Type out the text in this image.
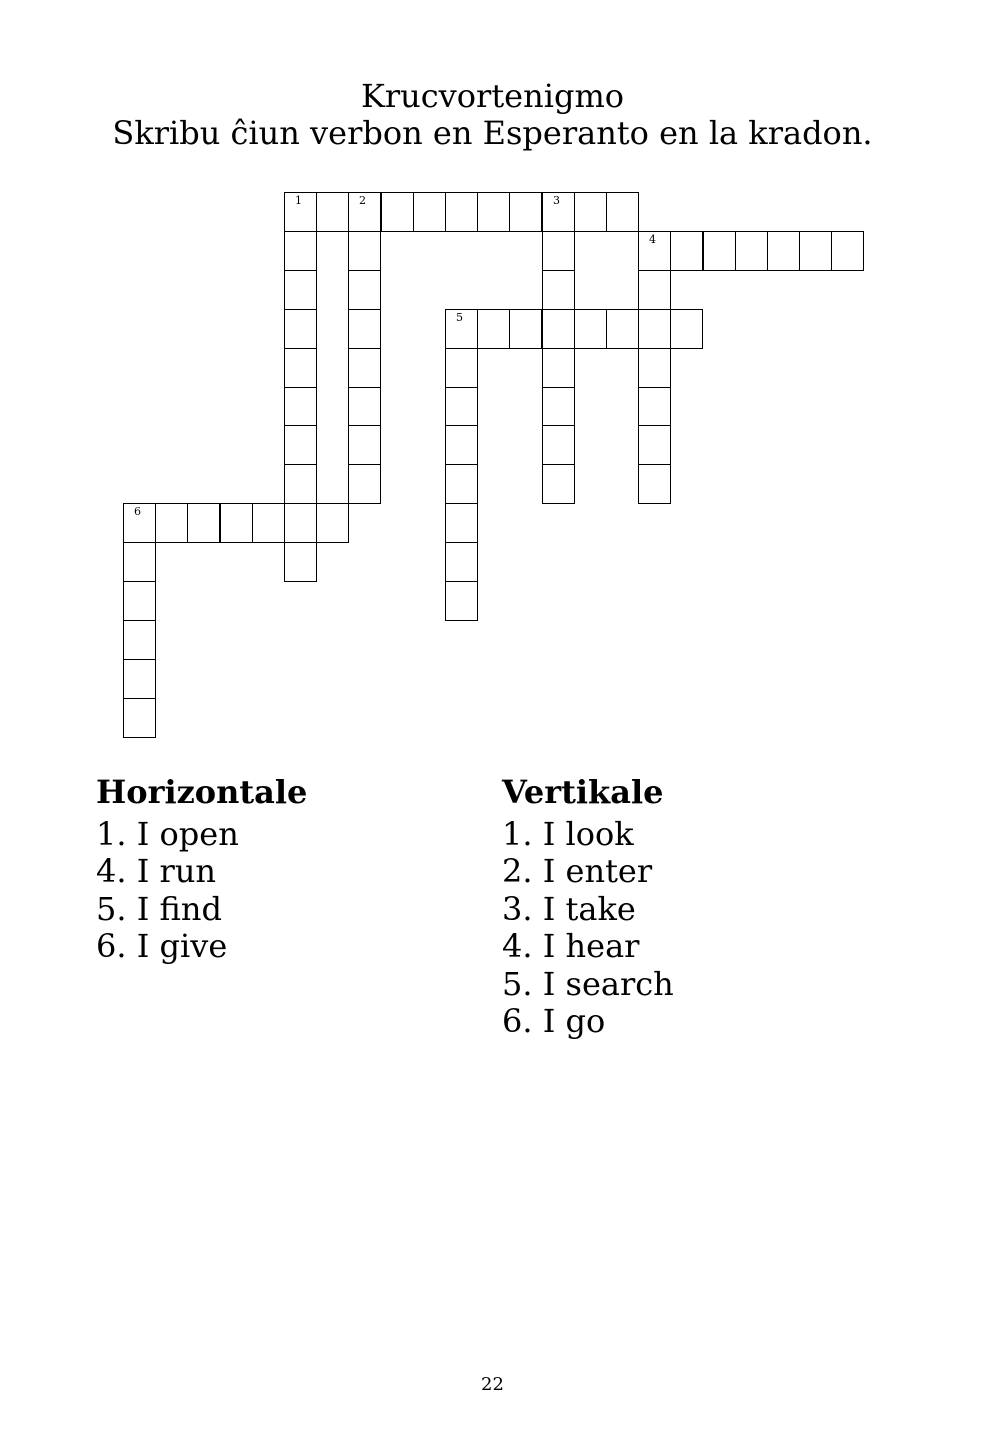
Krucvortenigmo
Skribu ĉiun verbon en Esperanto en la kradon.
1	2	3
4
5
6
Horizontale
1. I open
4. I run
5. I find
6. I give
Vertikale
1. I look
2. I enter
3. I take
4. I hear
5. I search
6. I go
22
